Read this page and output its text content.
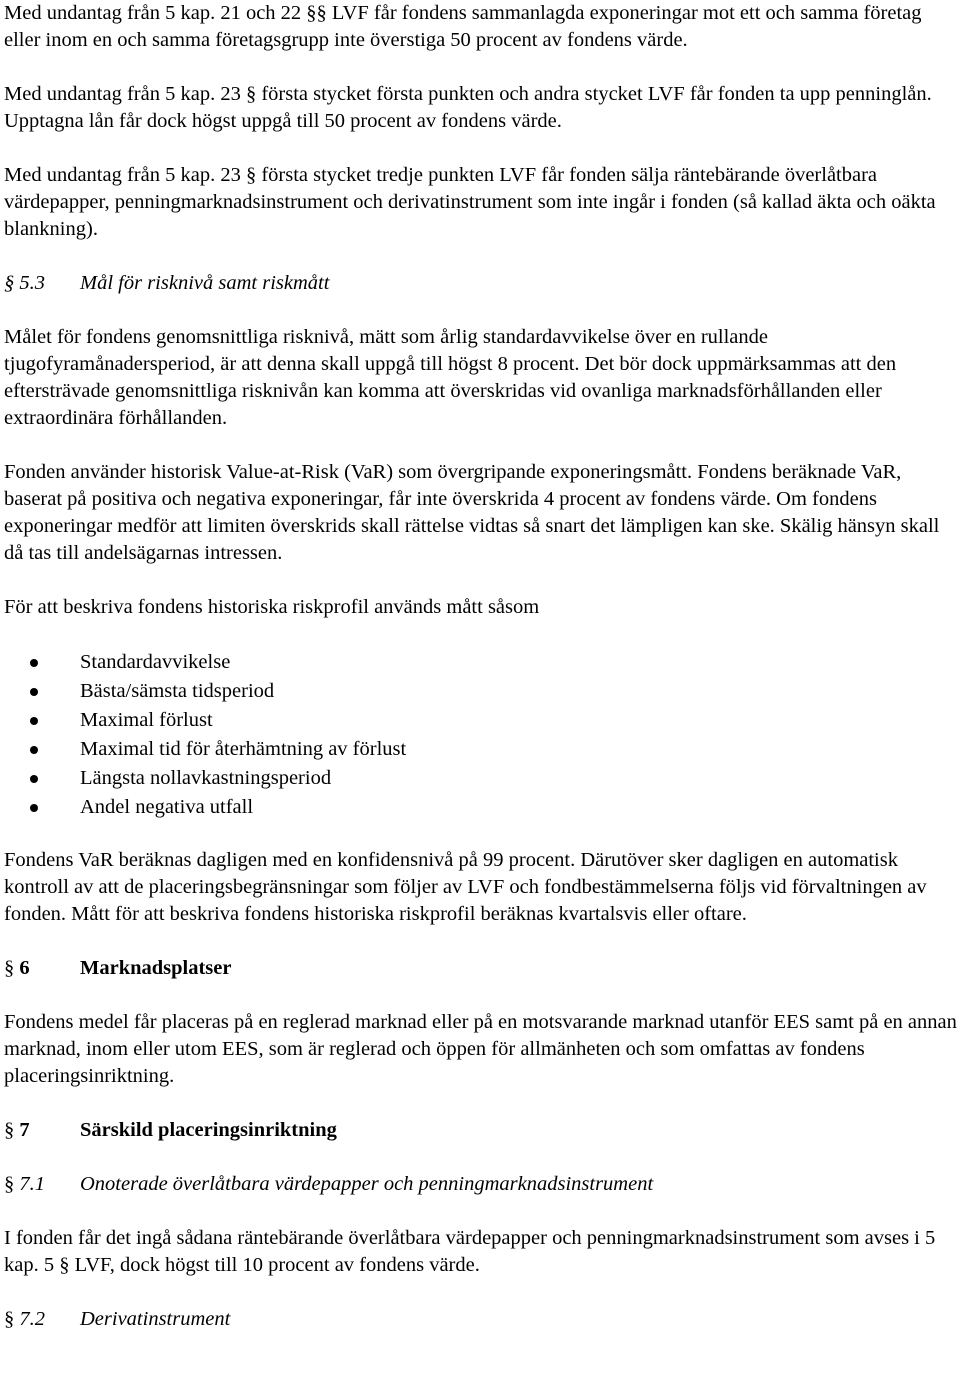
Med undantag från 5 kap. 21 och 22 §§ LVF får fondens sammanlagda exponeringar mot ett och samma företag eller inom en och samma företagsgrupp inte överstiga 50 procent av fondens värde.

Med undantag från 5 kap. 23 § första stycket första punkten och andra stycket LVF får fonden ta upp penninglån. Upptagna lån får dock högst uppgå till 50 procent av fondens värde.

Med undantag från 5 kap. 23 § första stycket tredje punkten LVF får fonden sälja räntebärande överlåtbara värdepapper, penningmarknadsinstrument och derivatinstrument som inte ingår i fonden (så kallad äkta och oäkta blankning).

§ 5.3	Mål för risknivå samt riskmått

Målet för fondens genomsnittliga risknivå, mätt som årlig standardavvikelse över en rullande tjugofyramånadersperiod, är att denna skall uppgå till högst 8 procent. Det bör dock uppmärksammas att den eftersträvade genomsnittliga risknivån kan komma att överskridas vid ovanliga marknadsförhållanden eller extraordinära förhållanden.

Fonden använder historisk Value-at-Risk (VaR) som övergripande exponeringsmått. Fondens beräknade VaR, baserat på positiva och negativa exponeringar, får inte överskrida 4 procent av fondens värde. Om fondens exponeringar medför att limiten överskrids skall rättelse vidtas så snart det lämpligen kan ske. Skälig hänsyn skall då tas till andelsägarnas intressen.

För att beskriva fondens historiska riskprofil används mått såsom

Standardavvikelse
Bästa/sämsta tidsperiod
Maximal förlust
Maximal tid för återhämtning av förlust
Längsta nollavkastningsperiod
Andel negativa utfall

Fondens VaR beräknas dagligen med en konfidensnivå på 99 procent. Därutöver sker dagligen en automatisk kontroll av att de placeringsbegränsningar som följer av LVF och fondbestämmelserna följs vid förvaltningen av fonden. Mått för att beskriva fondens historiska riskprofil beräknas kvartalsvis eller oftare.

§ 6	Marknadsplatser

Fondens medel får placeras på en reglerad marknad eller på en motsvarande marknad utanför EES samt på en annan marknad, inom eller utom EES, som är reglerad och öppen för allmänheten och som omfattas av fondens placeringsinriktning.

§ 7	Särskild placeringsinriktning
§ 7.1	Onoterade överlåtbara värdepapper och penningmarknadsinstrument

I fonden får det ingå sådana räntebärande överlåtbara värdepapper och penningmarknadsinstrument som avses i 5 kap. 5 § LVF, dock högst till 10 procent av fondens värde.

§ 7.2	Derivatinstrument
